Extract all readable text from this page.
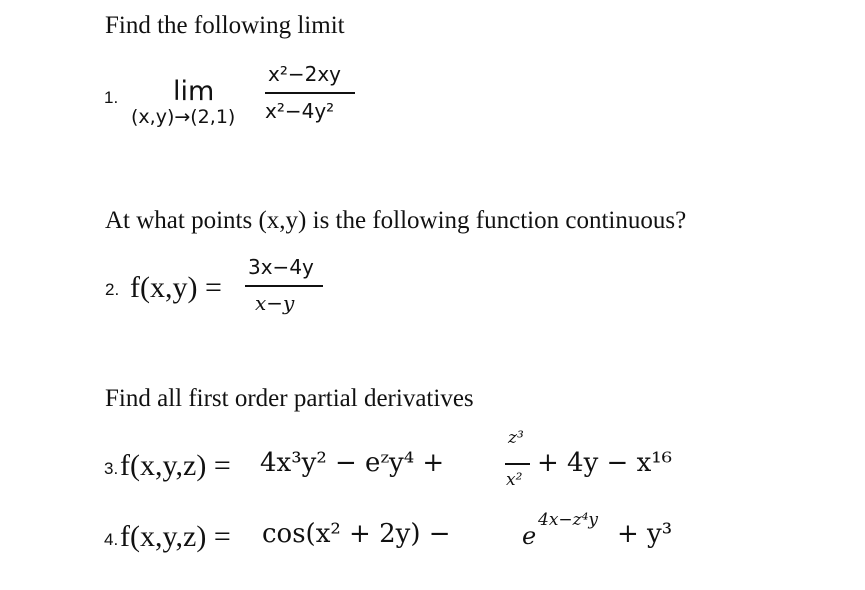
Find the following limit
1. lim
(x,y)→(2,1)
x²−2xy
x²−4y²
At what points (x,y) is the following function continuous?
2. f(x,y) =
3x−4y
x−y
Find all first order partial derivatives
3. f(x,y,z) = 4x³y² − eᶻy⁴ +
z³
x²
+ 4y − x¹⁶
4. f(x,y,z) = cos(x² + 2y) −	e
4x−z⁴y + y³
